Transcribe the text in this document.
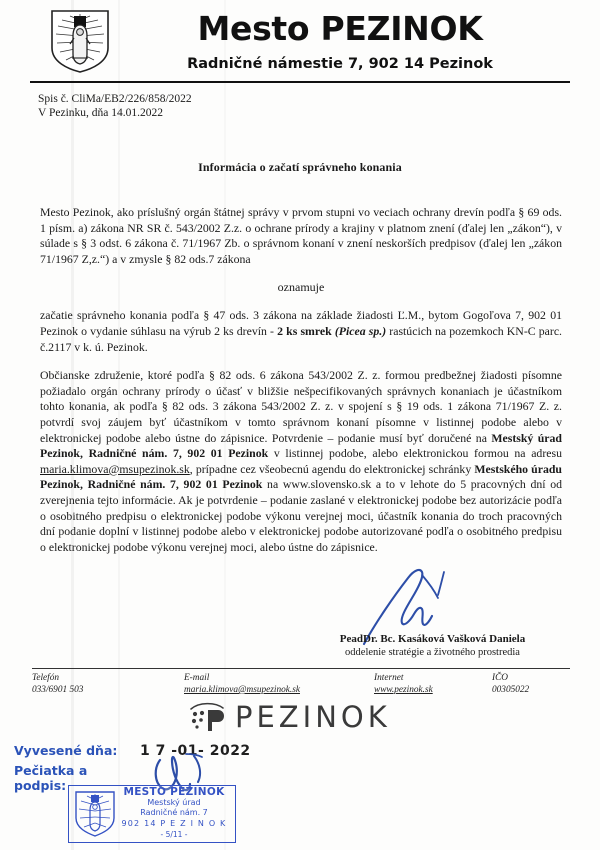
Mesto PEZINOK
Radničné námestie 7, 902 14 Pezinok
Spis č. CliMa/EB2/226/858/2022
V Pezinku, dňa 14.01.2022
Informácia o začatí správneho konania

Mesto Pezinok, ako príslušný orgán štátnej správy v prvom stupni vo veciach ochrany drevín podľa § 69 ods. 1 písm. a) zákona NR SR č. 543/2002 Z.z. o ochrane prírody a krajiny v platnom znení (ďalej len „zákon“), v súlade s § 3 odst. 6 zákona č. 71/1967 Zb. o správnom konaní v znení neskorších predpisov (ďalej len „zákon 71/1967 Z,z.“) a v zmysle § 82 ods.7 zákona

oznamuje

začatie správneho konania podľa § 47 ods. 3 zákona na základe žiadosti Ľ.M., bytom Gogoľova 7, 902 01 Pezinok o vydanie súhlasu na výrub 2 ks drevín - 2 ks smrek (Picea sp.) rastúcich na pozemkoch KN-C parc. č.2117 v k. ú. Pezinok.

Občianske združenie, ktoré podľa § 82 ods. 6 zákona 543/2002 Z. z. formou predbežnej žiadosti písomne požiadalo orgán ochrany prírody o účasť v bližšie nešpecifikovaných správnych konaniach je účastníkom tohto konania, ak podľa § 82 ods. 3 zákona 543/2002 Z. z. v spojení s § 19 ods. 1 zákona 71/1967 Z. z. potvrdí svoj záujem byť účastníkom v tomto správnom konaní písomne v listinnej podobe alebo v elektronickej podobe alebo ústne do zápisnice. Potvrdenie – podanie musí byť doručené na Mestský úrad Pezinok, Radničné nám. 7, 902 01 Pezinok v listinnej podobe, alebo elektronickou formou na adresu maria.klimova@msupezinok.sk, prípadne cez všeobecnú agendu do elektronickej schránky Mestského úradu Pezinok, Radničné nám. 7, 902 01 Pezinok na www.slovensko.sk a to v lehote do 5 pracovných dní od zverejnenia tejto informácie. Ak je potvrdenie – podanie zaslané v elektronickej podobe bez autorizácie podľa o osobitného predpisu o elektronickej podobe výkonu verejnej moci, účastník konania do troch pracovných dní podanie doplní v listinnej podobe alebo v elektronickej podobe autorizované podľa o osobitného predpisu o elektronickej podobe výkonu verejnej moci, alebo ústne do zápisnice.

PeadDr. Bc. Kasáková Vašková Daniela
oddelenie stratégie a životného prostredia
Telefón
033/6901 503
E-mail
maria.klimova@msupezinok.sk
Internet
www.pezinok.sk
IČO
00305022
PEZINOK
Vyvesené dňa:	1 7 -01- 2022
Pečiatka a podpis:	MESTO PEZINOK
Mestský úrad
Radničné nám. 7
902 14 P E Z I N O K
- 5/11 -
